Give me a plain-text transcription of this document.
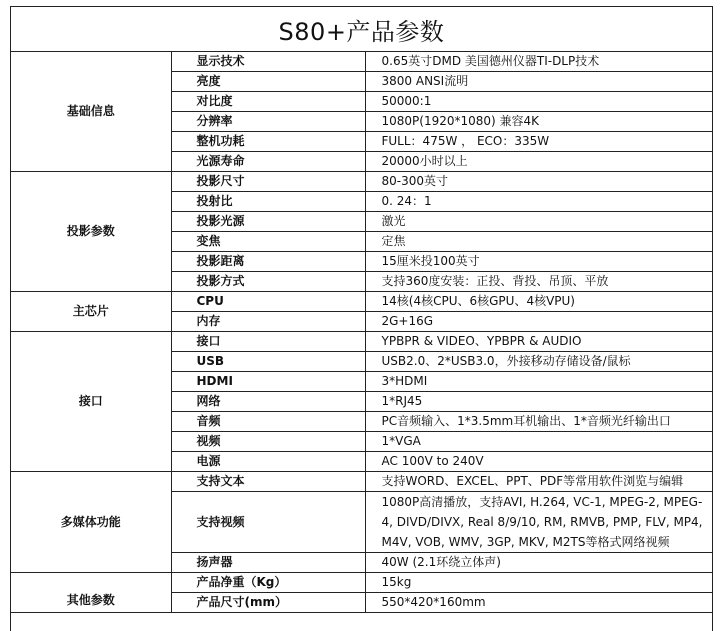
S80+产品参数
基础信息	显示技术	0.65英寸DMD 美国德州仪器TI-DLP技术
	亮度	3800 ANSI流明
	对比度	50000:1
	分辨率	1080P(1920*1080) 兼容4K
	整机功耗	FULL：475W ， ECO：335W
	光源寿命	20000小时以上
投影参数	投影尺寸	80-300英寸
	投射比	0. 24：1
	投影光源	激光
	变焦	定焦
	投影距离	15厘米投100英寸
	投影方式	支持360度安装：正投、背投、吊顶、平放
主芯片	CPU	14核(4核CPU、6核GPU、4核VPU)
	内存	2G+16G
接口	接口	YPBPR & VIDEO、YPBPR & AUDIO
	USB	USB2.0、2*USB3.0，外接移动存储设备/鼠标
	HDMI	3*HDMI
	网络	1*RJ45
	音频	PC音频输入、1*3.5mm耳机输出、1*音频光纤输出口
	视频	1*VGA
	电源	AC 100V to 240V
多媒体功能	支持文本	支持WORD、EXCEL、PPT、PDF等常用软件浏览与编辑
	支持视频	1080P高清播放，支持AVI, H.264, VC-1, MPEG-2, MPEG-4, DIVD/DIVX, Real 8/9/10, RM, RMVB, PMP, FLV, MP4, M4V, VOB, WMV, 3GP, MKV, M2TS等格式网络视频
	扬声器	40W (2.1环绕立体声)
其他参数	产品净重（Kg）	15kg
	产品尺寸(mm）	550*420*160mm
